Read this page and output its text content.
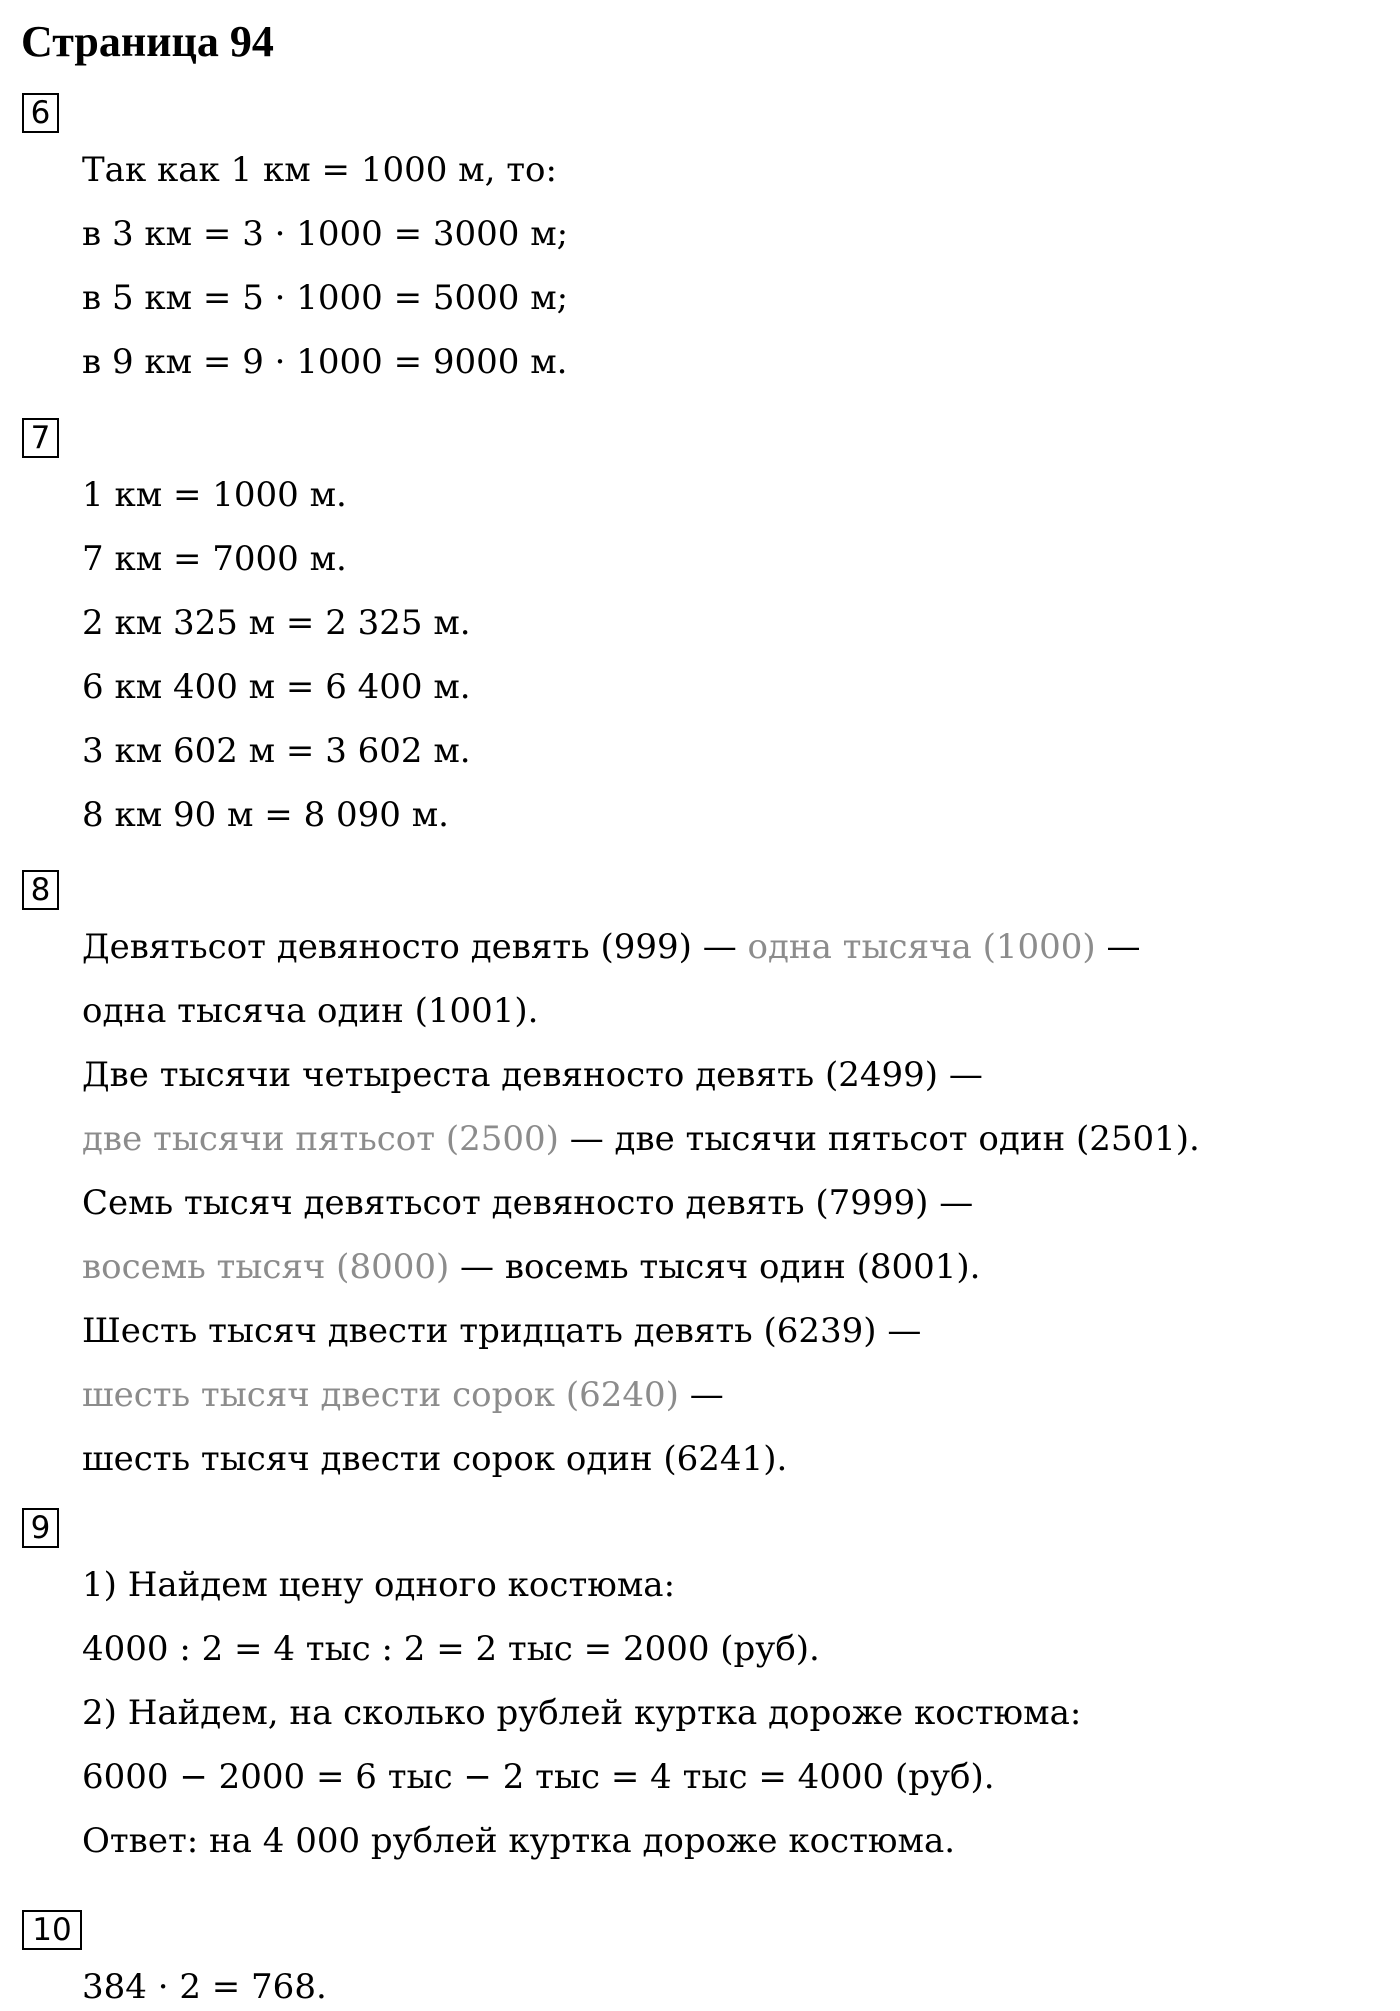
Страница 94
6
Так как 1 км = 1000 м, то:
в 3 км = 3 · 1000 = 3000 м;
в 5 км = 5 · 1000 = 5000 м;
в 9 км = 9 · 1000 = 9000 м.
7
1 км = 1000 м.
7 км = 7000 м.
2 км 325 м = 2 325 м.
6 км 400 м = 6 400 м.
3 км 602 м = 3 602 м.
8 км 90 м = 8 090 м.
8
Девятьсот девяносто девять (999) — одна тысяча (1000) —
одна тысяча один (1001).
Две тысячи четыреста девяносто девять (2499) —
две тысячи пятьсот (2500) — две тысячи пятьсот один (2501).
Семь тысяч девятьсот девяносто девять (7999) —
восемь тысяч (8000) — восемь тысяч один (8001).
Шесть тысяч двести тридцать девять (6239) —
шесть тысяч двести сорок (6240) —
шесть тысяч двести сорок один (6241).
9
1) Найдем цену одного костюма:
4000 : 2 = 4 тыс : 2 = 2 тыс = 2000 (руб).
2) Найдем, на сколько рублей куртка дороже костюма:
6000 − 2000 = 6 тыс − 2 тыс = 4 тыс = 4000 (руб).
Ответ: на 4 000 рублей куртка дороже костюма.
10
384 · 2 = 768.
